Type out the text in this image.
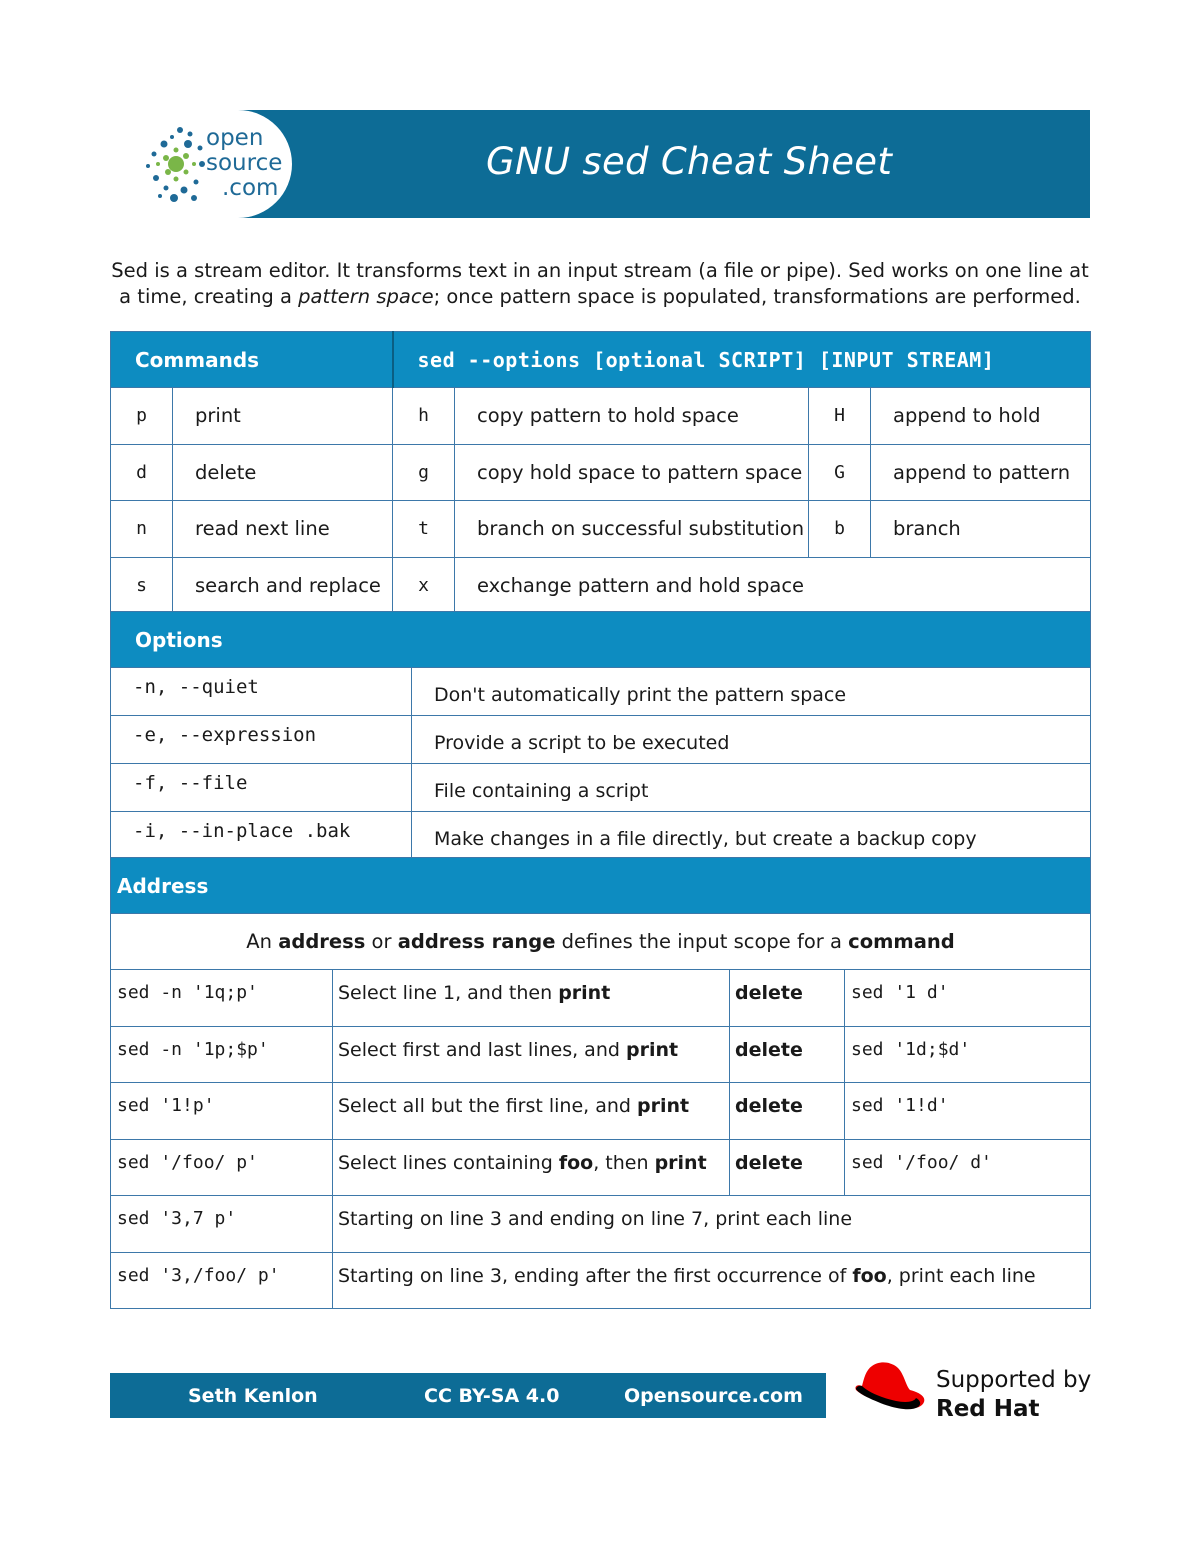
open
source
.com
GNU sed Cheat Sheet

Sed is a stream editor. It transforms text in an input stream (a file or pipe). Sed works on one line at a time, creating a pattern space; once pattern space is populated, transformations are performed.

Commands		sed --options [optional SCRIPT] [INPUT STREAM]			
p	print	h	copy pattern to hold space	H	append to hold
d	delete	g	copy hold space to pattern space	G	append to pattern
n	read next line	t	branch on successful substitution	b	branch
s	search and replace	x	exchange pattern and hold space		
Options	
-n, --quiet	Don't automatically print the pattern space
-e, --expression	Provide a script to be executed
-f, --file	File containing a script
-i, --in-place .bak	Make changes in a file directly, but create a backup copy
Address			
An address or address range defines the input scope for a command			
sed -n '1q;p'	Select line 1, and then print	delete	sed '1 d'
sed -n '1p;$p'	Select first and last lines, and print	delete	sed '1d;$d'
sed '1!p'	Select all but the first line, and print	delete	sed '1!d'
sed '/foo/ p'	Select lines containing foo, then print	delete	sed '/foo/ d'
sed '3,7 p'	Starting on line 3 and ending on line 7, print each line		
sed '3,/foo/ p'	Starting on line 3, ending after the first occurrence of foo, print each line		
Seth Kenlon	CC BY-SA 4.0	Opensource.com
Supported by
Red Hat
